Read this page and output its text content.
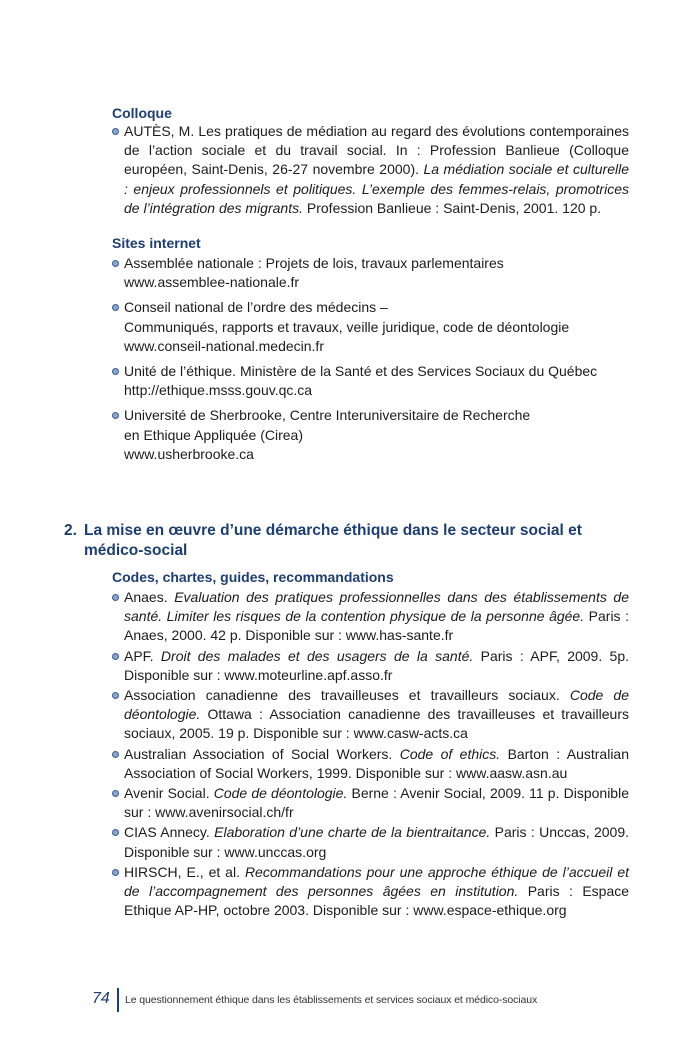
Colloque
AUTÈS, M. Les pratiques de médiation au regard des évolutions contemporaines de l’action sociale et du travail social. In : Profession Banlieue (Colloque européen, Saint-Denis, 26-27 novembre 2000). La médiation sociale et culturelle : enjeux professionnels et politiques. L’exemple des femmes-relais, promotrices de l’intégration des migrants. Profession Banlieue : Saint-Denis, 2001. 120 p.
Sites internet
Assemblée nationale : Projets de lois, travaux parlementaires
www.assemblee-nationale.fr
Conseil national de l’ordre des médecins –
Communiqués, rapports et travaux, veille juridique, code de déontologie
www.conseil-national.medecin.fr
Unité de l’éthique. Ministère de la Santé et des Services Sociaux du Québec
http://ethique.msss.gouv.qc.ca
Université de Sherbrooke, Centre Interuniversitaire de Recherche
en Ethique Appliquée (Cirea)
www.usherbrooke.ca
2. La mise en œuvre d’une démarche éthique dans le secteur social et médico-social
Codes, chartes, guides, recommandations
Anaes. Evaluation des pratiques professionnelles dans des établissements de santé. Limiter les risques de la contention physique de la personne âgée. Paris : Anaes, 2000. 42 p. Disponible sur : www.has-sante.fr
APF. Droit des malades et des usagers de la santé. Paris : APF, 2009. 5p. Disponible sur : www.moteurline.apf.asso.fr
Association canadienne des travailleuses et travailleurs sociaux. Code de déontologie. Ottawa : Association canadienne des travailleuses et travailleurs sociaux, 2005. 19 p. Disponible sur : www.casw-acts.ca
Australian Association of Social Workers. Code of ethics. Barton : Australian Association of Social Workers, 1999. Disponible sur : www.aasw.asn.au
Avenir Social. Code de déontologie. Berne : Avenir Social, 2009. 11 p. Disponible sur : www.avenirsocial.ch/fr
CIAS Annecy. Elaboration d’une charte de la bientraitance. Paris : Unccas, 2009. Disponible sur : www.unccas.org
HIRSCH, E., et al. Recommandations pour une approche éthique de l’accueil et de l’accompagnement des personnes âgées en institution. Paris : Espace Ethique AP-HP, octobre 2003. Disponible sur : www.espace-ethique.org
74 Le questionnement éthique dans les établissements et services sociaux et médico-sociaux
